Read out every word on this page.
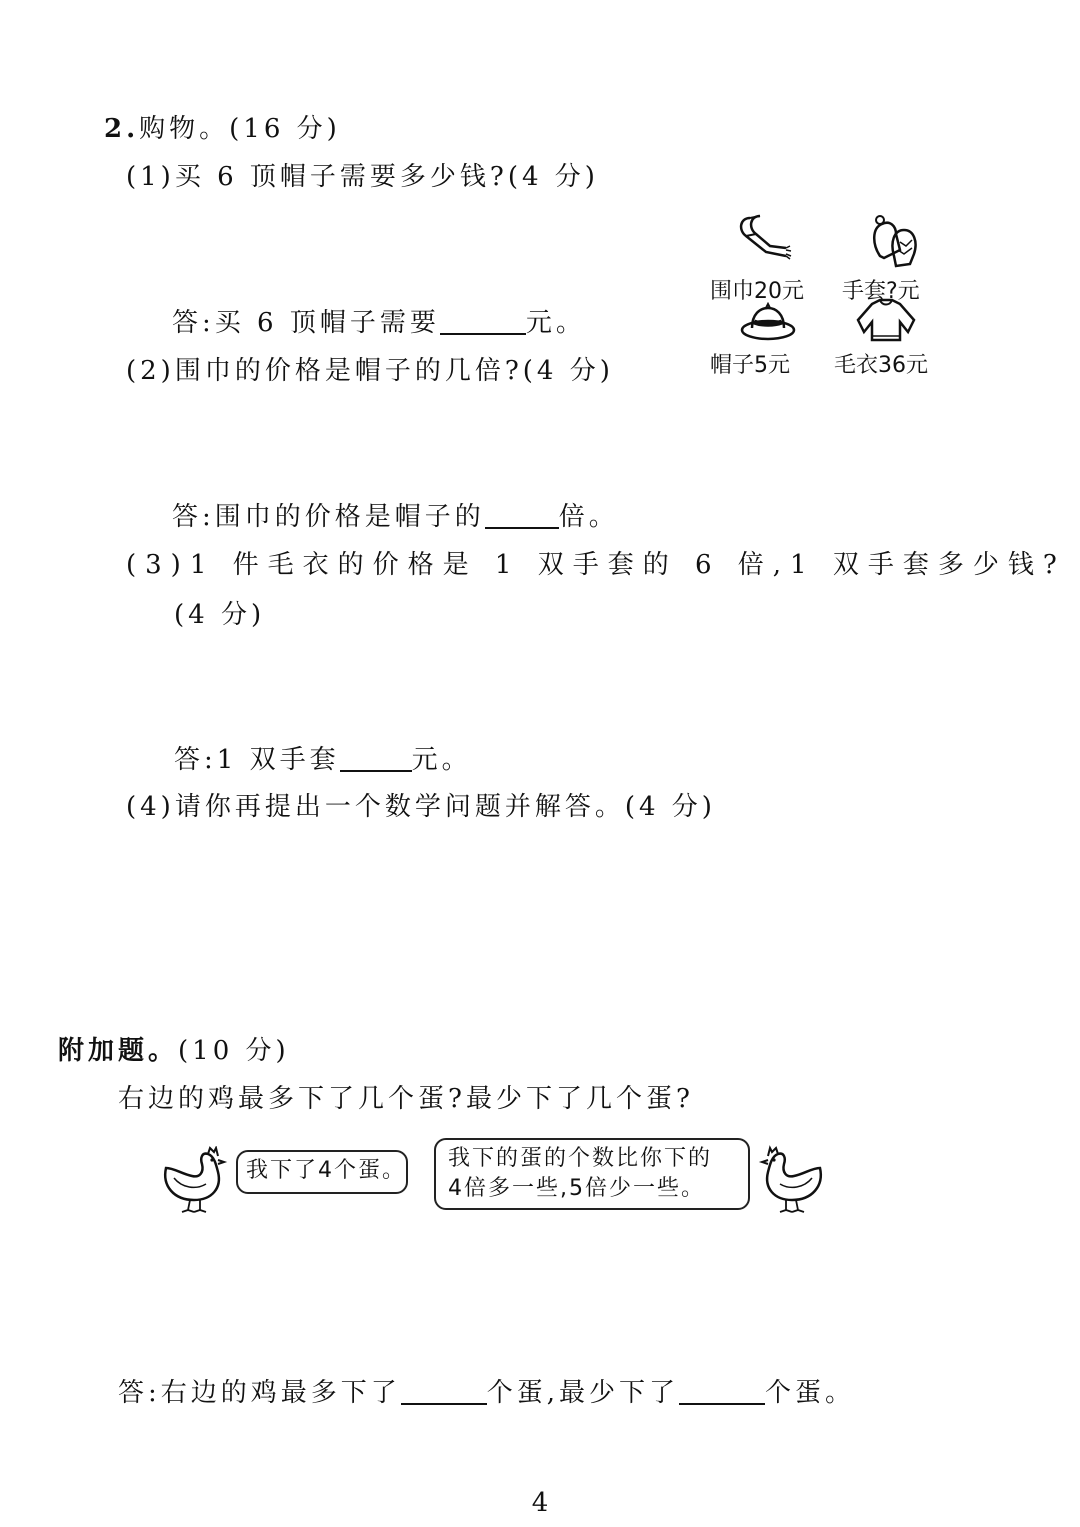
2.购物。(16 分)
(1)买 6 顶帽子需要多少钱?(4 分)
答:买 6 顶帽子需要	元。
(2)围巾的价格是帽子的几倍?(4 分)
答:围巾的价格是帽子的	倍。
(3)1 件毛衣的价格是 1 双手套的 6 倍,1 双手套多少钱?
(4 分)
答:1 双手套	元。
(4)请你再提出一个数学问题并解答。(4 分)
围巾20元 手套?元
帽子5元 毛衣36元
附加题。(10 分)
右边的鸡最多下了几个蛋?最少下了几个蛋?
我下了4个蛋。 我下的蛋的个数比你下的
4倍多一些,5倍少一些。
答:右边的鸡最多下了	个蛋,最少下了	个蛋。
4
